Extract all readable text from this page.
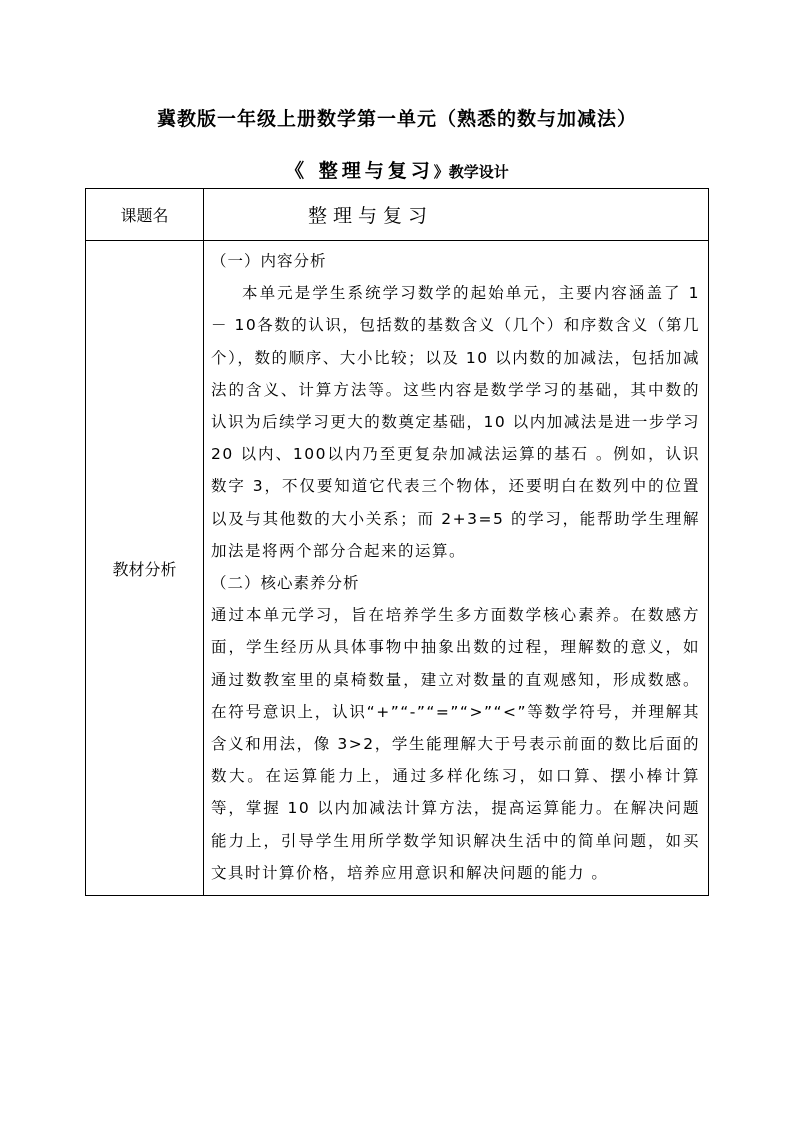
冀教版一年级上册数学第一单元（熟悉的数与加减法）
《 整理与复习》教学设计
课题名	整理与复习
教材分析	（一）内容分析

本单元是学生系统学习数学的起始单元，主要内容涵盖了 1 － 10各数的认识，包括数的基数含义（几个）和序数含义（第几个），数的顺序、大小比较；以及 10 以内数的加减法，包括加减法的含义、计算方法等。这些内容是数学学习的基础，其中数的认识为后续学习更大的数奠定基础，10 以内加减法是进一步学习 20 以内、100以内乃至更复杂加减法运算的基石 。例如，认识数字 3，不仅要知道它代表三个物体，还要明白在数列中的位置以及与其他数的大小关系；而 2+3=5 的学习，能帮助学生理解加法是将两个部分合起来的运算。

（二）核心素养分析

通过本单元学习，旨在培养学生多方面数学核心素养。在数感方面，学生经历从具体事物中抽象出数的过程，理解数的意义，如通过数教室里的桌椅数量，建立对数量的直观感知，形成数感。在符号意识上，认识“+”“-”“=”“>”“<”等数学符号，并理解其含义和用法，像 3>2，学生能理解大于号表示前面的数比后面的数大。在运算能力上，通过多样化练习，如口算、摆小棒计算等，掌握 10 以内加减法计算方法，提高运算能力。在解决问题能力上，引导学生用所学数学知识解决生活中的简单问题，如买文具时计算价格，培养应用意识和解决问题的能力 。
